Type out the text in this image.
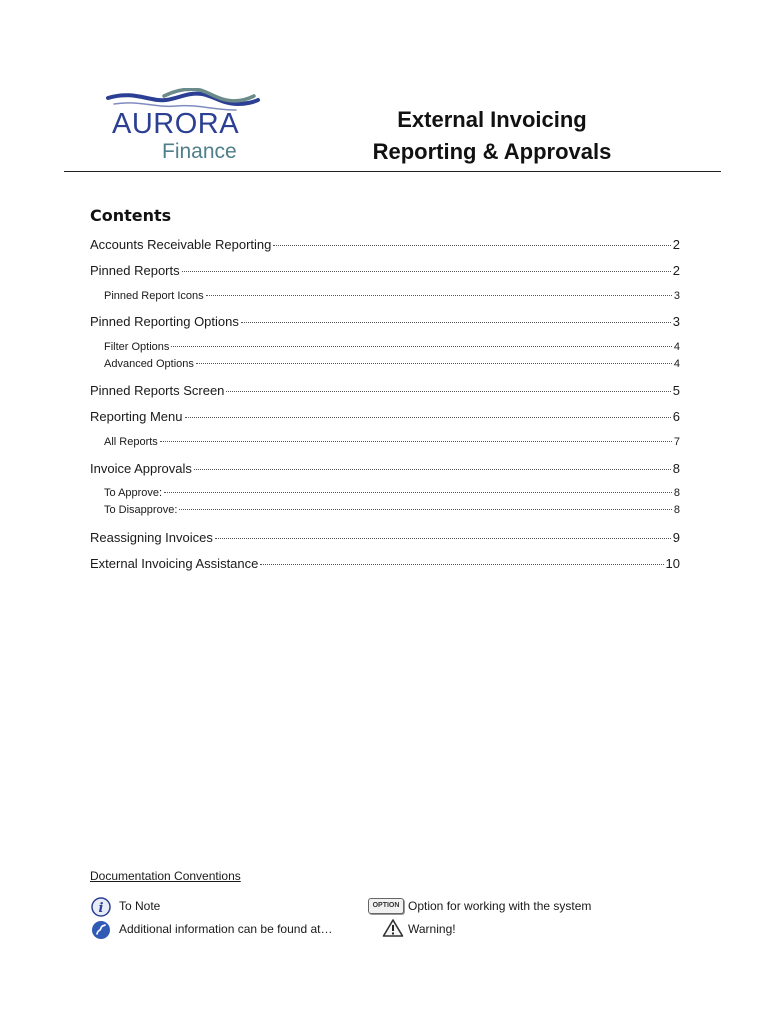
AURORA
Finance
External Invoicing
Reporting & Approvals
Contents
Accounts Receivable Reporting	2
Pinned Reports	2
Pinned Report Icons	3
Pinned Reporting Options	3
Filter Options	4
Advanced Options	4
Pinned Reports Screen	5
Reporting Menu	6
All Reports	7
Invoice Approvals	8
To Approve:	8
To Disapprove:	8
Reassigning Invoices	9
External Invoicing Assistance	10
Documentation Conventions
i To Note
Additional information can be found at…
OPTION Option for working with the system
Warning!
